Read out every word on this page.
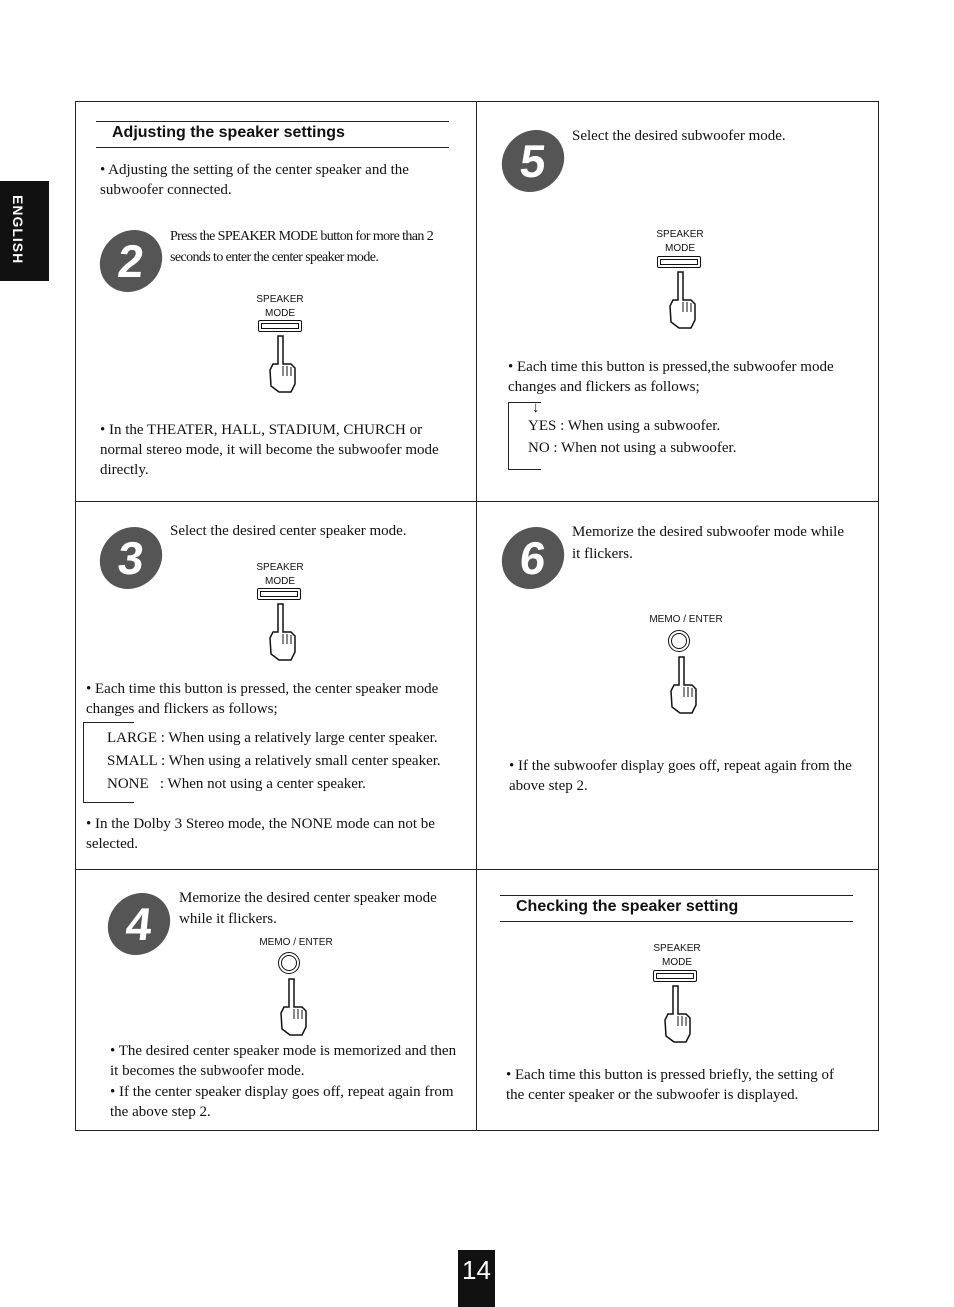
ENGLISH
Adjusting the speaker settings
• Adjusting the setting of the center speaker and the subwoofer connected.
2	Press the SPEAKER MODE button for more than 2 seconds to enter the center speaker mode.
SPEAKER
MODE
• In the THEATER, HALL, STADIUM, CHURCH or normal stereo mode, it will become the subwoofer mode directly.
5	Select the desired subwoofer mode.
SPEAKER
MODE
• Each time this button is pressed,the subwoofer mode changes and flickers as follows;
↓
YES : When using a subwoofer.
NO : When not using a subwoofer.
3
Select the desired center speaker mode.
SPEAKER
MODE
• Each time this button is pressed, the center speaker mode changes and flickers as follows;
LARGE : When using a relatively large center speaker.
SMALL : When using a relatively small center speaker.
NONE   : When not using a center speaker.
• In the Dolby 3 Stereo mode, the NONE mode can not be selected.
6	Memorize the desired subwoofer mode while it flickers.
MEMO / ENTER
• If the subwoofer display goes off, repeat again from the above step 2.
4	Memorize the desired center speaker mode while it flickers.
MEMO / ENTER
• The desired center speaker mode is memorized and then it becomes the subwoofer mode.
• If the center speaker display goes off, repeat again from the above step 2.
Checking the speaker setting
SPEAKER
MODE
• Each time this button is pressed briefly, the setting of the center speaker or the subwoofer is displayed.
14
